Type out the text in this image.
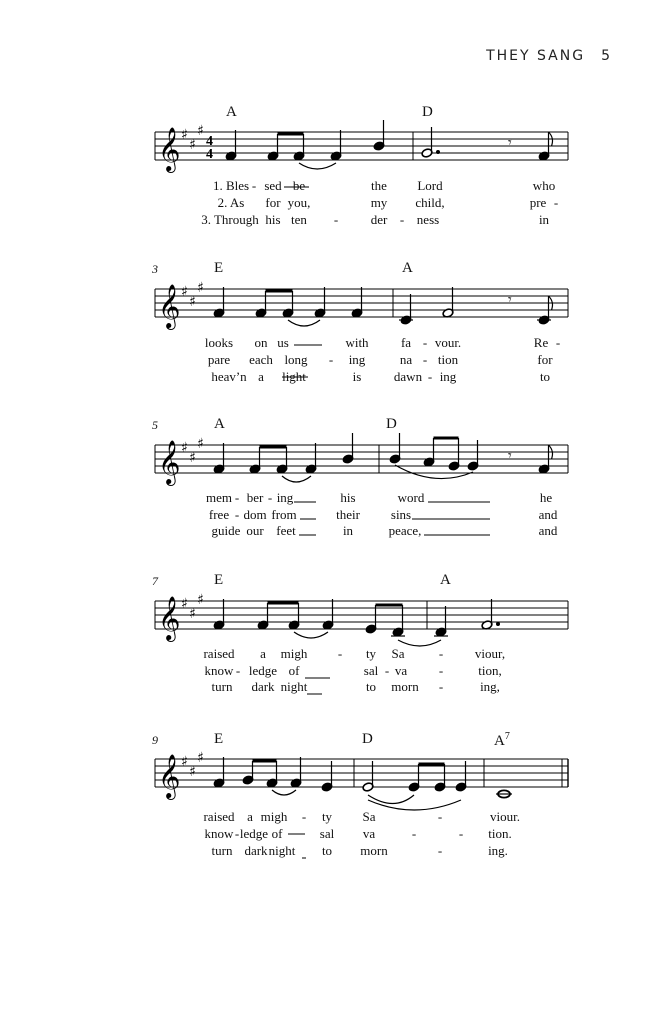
THEY SANG 5
A	D
𝄞 ♯
♯
♯
4
4
𝄾
1. Bles - sed be	the Lord	who
2. As for you,	my child,	pre -
3. Through his ten -	der - ness	in
3	E	A
𝄞 ♯
♯
♯
𝄾
looks on us	with fa - vour.	Re -
pare each long - ing	na - tion	for
heav’n a light	is	dawn - ing	to
5	A	D
𝄞 ♯
♯
♯
𝄾
mem - ber - ing	his	word	he
free - dom from	their sins	and
guide our feet	in	peace,	and
7	E	A
𝄞 ♯
♯
♯
raised a migh - ty Sa	- viour,
know - ledge of	sal - va -	tion,
turn dark night	to morn -	ing,
9	E	D	$A^7$
𝄞 ♯
♯
♯
raised a migh - ty Sa	-	viour.
know - ledge of	sal va	-	- tion.
turn dark night to morn	-	ing.
